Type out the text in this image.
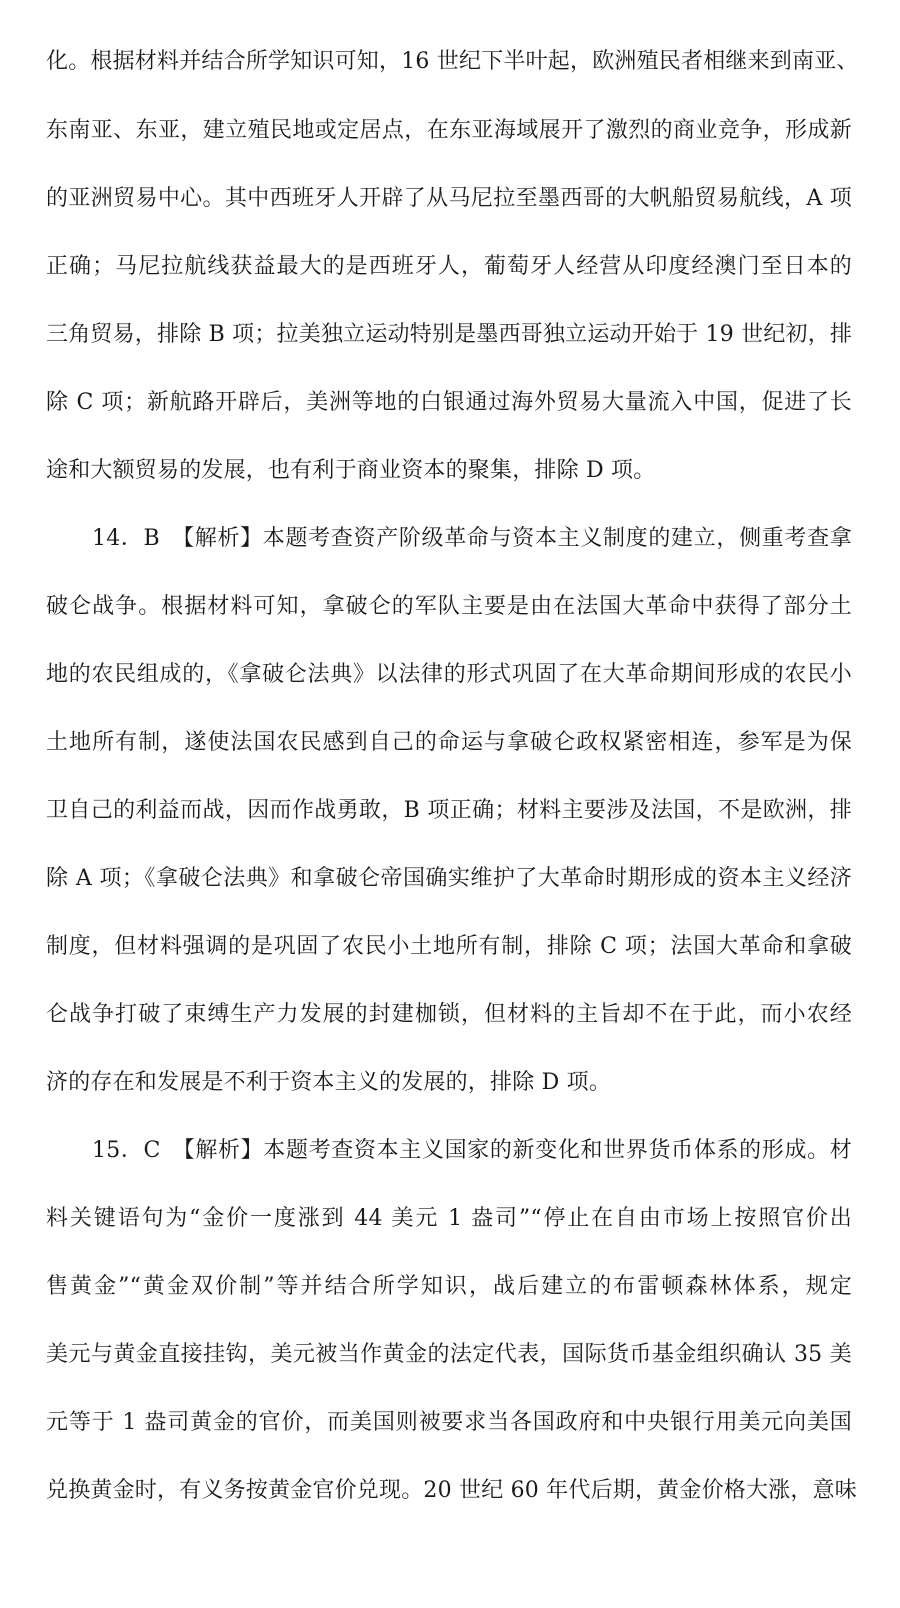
化。根据材料并结合所学知识可知，16 世纪下半叶起，欧洲殖民者相继来到南亚、
东南亚、东亚，建立殖民地或定居点，在东亚海域展开了激烈的商业竞争，形成新
的亚洲贸易中心。其中西班牙人开辟了从马尼拉至墨西哥的大帆船贸易航线，A 项
正确；马尼拉航线获益最大的是西班牙人，葡萄牙人经营从印度经澳门至日本的
三角贸易，排除 B 项；拉美独立运动特别是墨西哥独立运动开始于 19 世纪初，排
除 C 项；新航路开辟后，美洲等地的白银通过海外贸易大量流入中国，促进了长
途和大额贸易的发展，也有利于商业资本的聚集，排除 D 项。
14．B　【解析】本题考查资产阶级革命与资本主义制度的建立，侧重考查拿
破仑战争。根据材料可知，拿破仑的军队主要是由在法国大革命中获得了部分土
地的农民组成的，《拿破仑法典》以法律的形式巩固了在大革命期间形成的农民小
土地所有制，遂使法国农民感到自己的命运与拿破仑政权紧密相连，参军是为保
卫自己的利益而战，因而作战勇敢，B 项正确；材料主要涉及法国，不是欧洲，排
除 A 项；《拿破仑法典》和拿破仑帝国确实维护了大革命时期形成的资本主义经济
制度，但材料强调的是巩固了农民小土地所有制，排除 C 项；法国大革命和拿破
仑战争打破了束缚生产力发展的封建枷锁，但材料的主旨却不在于此，而小农经
济的存在和发展是不利于资本主义的发展的，排除 D 项。
15．C　【解析】本题考查资本主义国家的新变化和世界货币体系的形成。材
料关键语句为“金价一度涨到 44 美元 1 盎司”“停止在自由市场上按照官价出
售黄金”“黄金双价制”等并结合所学知识，战后建立的布雷顿森林体系，规定
美元与黄金直接挂钩，美元被当作黄金的法定代表，国际货币基金组织确认 35 美
元等于 1 盎司黄金的官价，而美国则被要求当各国政府和中央银行用美元向美国
兑换黄金时，有义务按黄金官价兑现。20 世纪 60 年代后期，黄金价格大涨，意味
